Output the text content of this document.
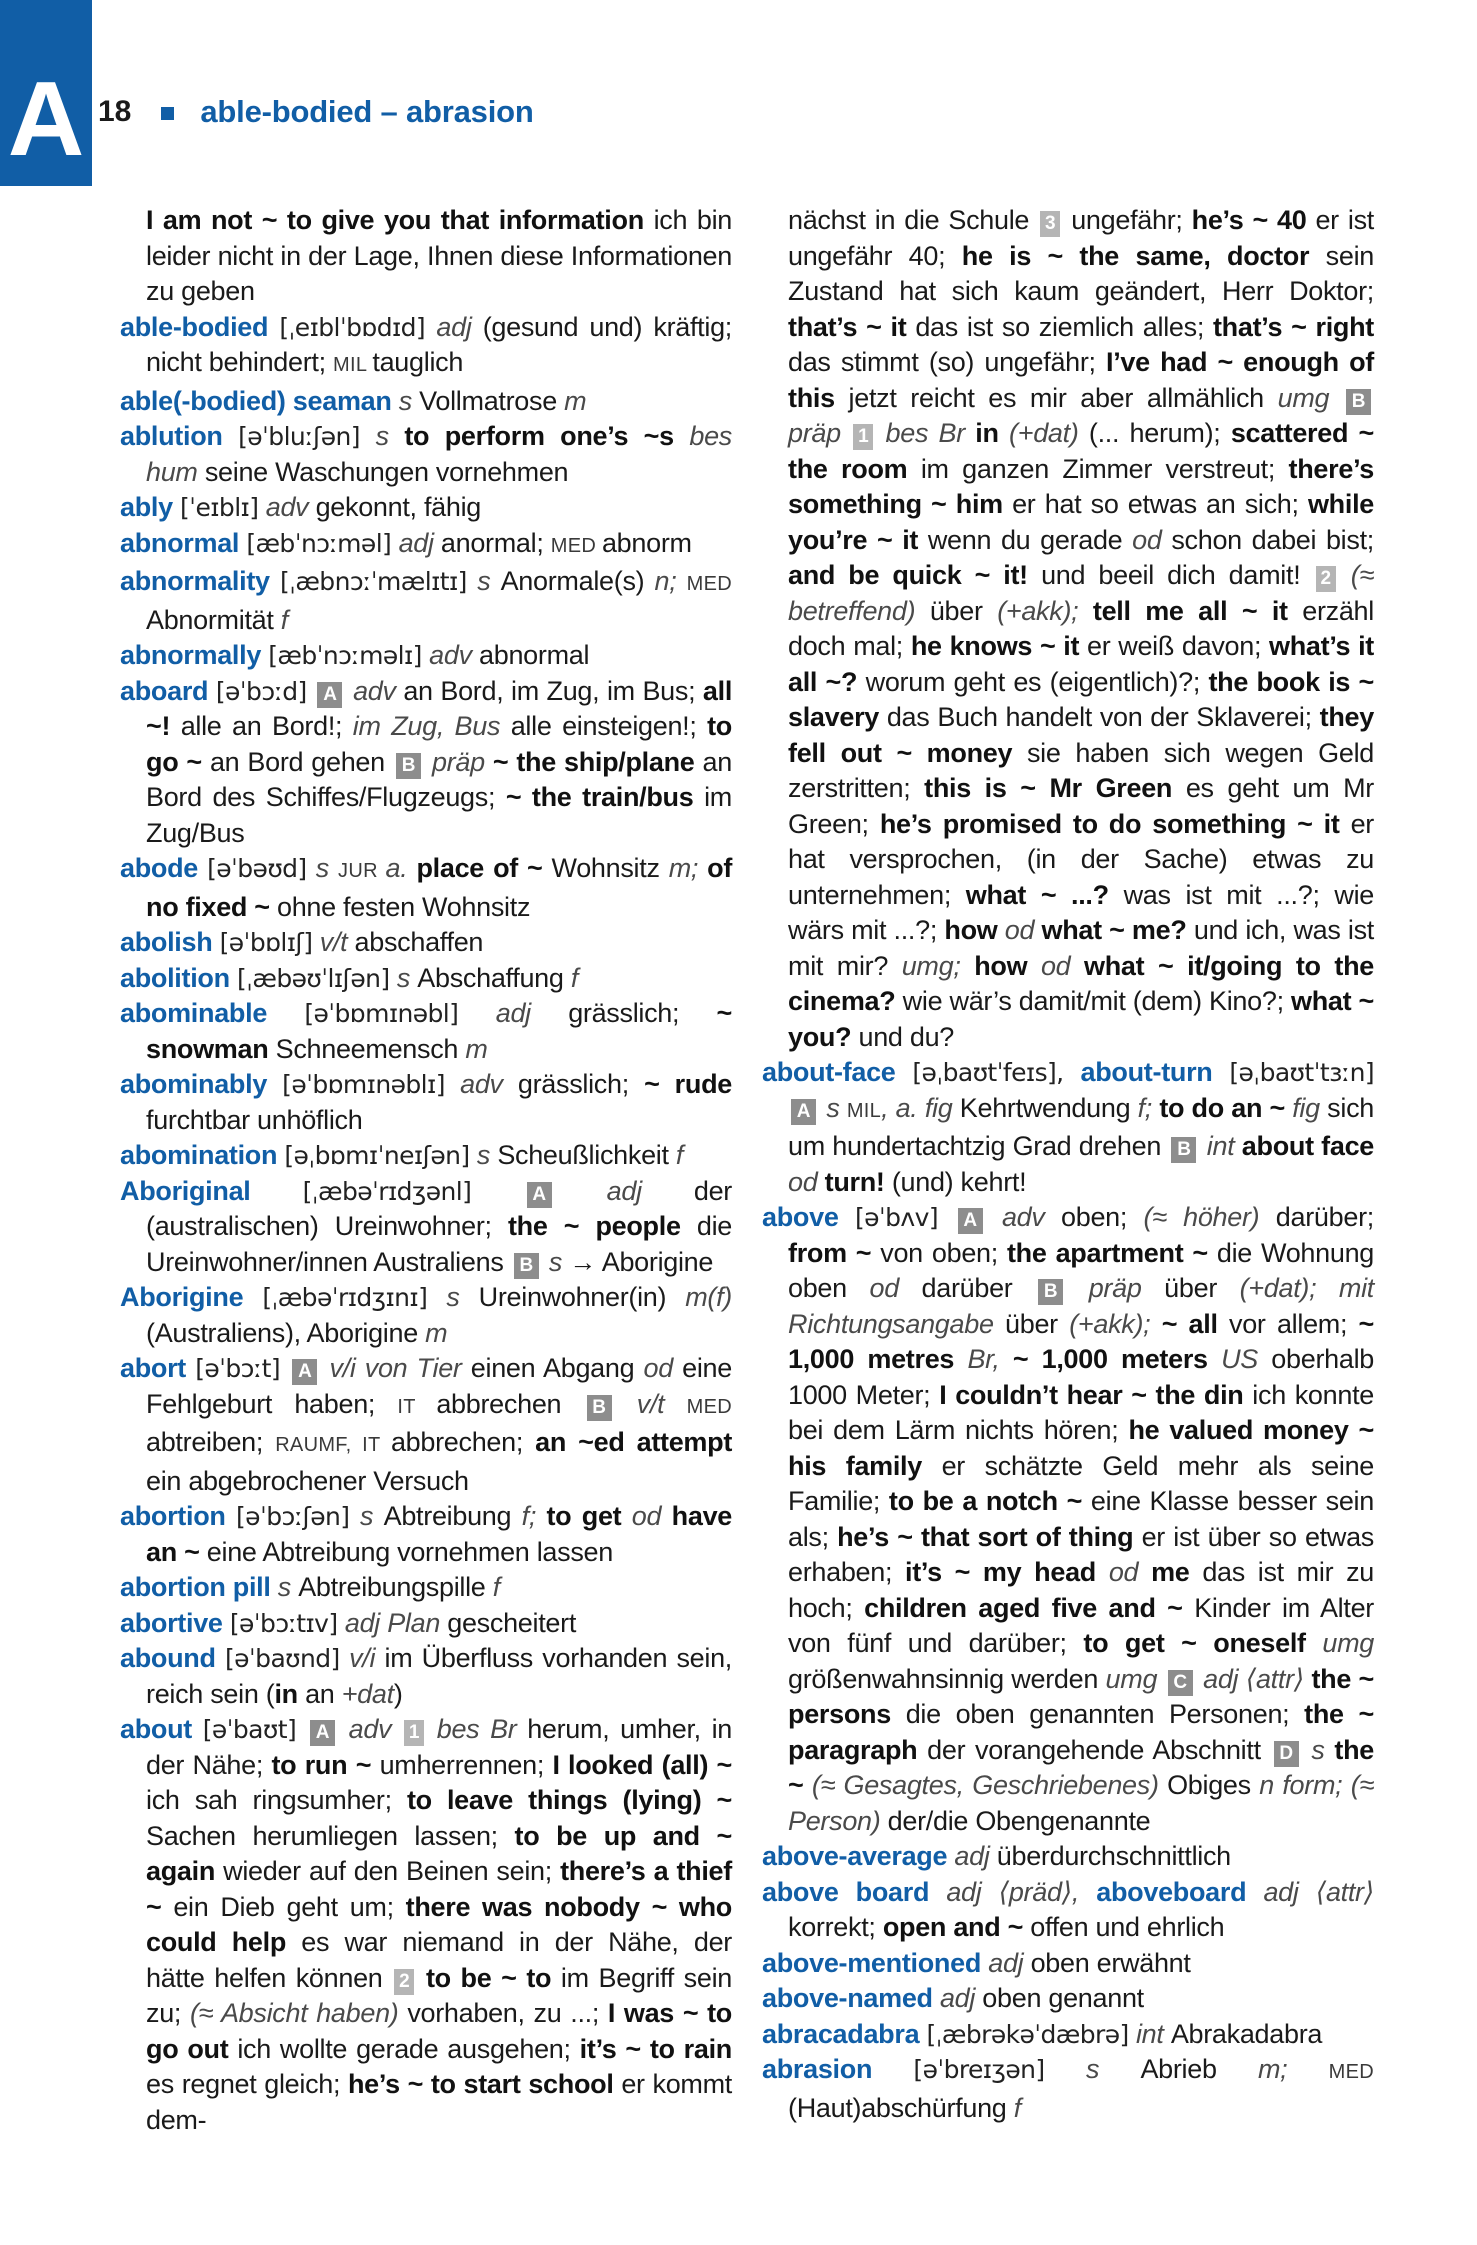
A 18 able-bodied – abrasion

I am not ~ to give you that information ich bin leider nicht in der Lage, Ihnen diese Informationen zu geben

able-bodied [ˌeɪblˈbɒdɪd] adj (gesund und) kräftig; nicht behindert; MIL tauglich

able(-bodied) seaman s Vollmatrose m

ablution [əˈbluːʃən] s to perform one’s ~s bes hum seine Waschungen vornehmen

ably [ˈeɪblɪ] adv gekonnt, fähig

abnormal [æbˈnɔːməl] adj anormal; MED abnorm

abnormality [ˌæbnɔːˈmælɪtɪ] s Anormale(s) n; MED Abnormität f

abnormally [æbˈnɔːməlɪ] adv abnormal

aboard [əˈbɔːd] A adv an Bord, im Zug, im Bus; all ~! alle an Bord!; im Zug, Bus alle einsteigen!; to go ~ an Bord gehen B präp ~ the ship/plane an Bord des Schiffes/Flugzeugs; ~ the train/bus im Zug/Bus

abode [əˈbəʊd] s JUR a. place of ~ Wohnsitz m; of no fixed ~ ohne festen Wohnsitz

abolish [əˈbɒlɪʃ] v/t abschaffen

abolition [ˌæbəʊˈlɪʃən] s Abschaffung f

abominable [əˈbɒmɪnəbl] adj grässlich; ~ snowman Schneemensch m

abominably [əˈbɒmɪnəblɪ] adv grässlich; ~ rude furchtbar unhöflich

abomination [əˌbɒmɪˈneɪʃən] s Scheußlichkeit f

Aboriginal [ˌæbəˈrɪdʒənl] A adj der (australischen) Ureinwohner; the ~ people die Ureinwohner/innen Australiens B s → Aborigine

Aborigine [ˌæbəˈrɪdʒɪnɪ] s Ureinwohner(in) m(f) (Australiens), Aborigine m

abort [əˈbɔːt] A v/i von Tier einen Abgang od eine Fehlgeburt haben; IT abbrechen B v/t MED abtreiben; RAUMF, IT abbrechen; an ~ed attempt ein abgebrochener Versuch

abortion [əˈbɔːʃən] s Abtreibung f; to get od have an ~ eine Abtreibung vornehmen lassen

abortion pill s Abtreibungspille f

abortive [əˈbɔːtɪv] adj Plan gescheitert

abound [əˈbaʊnd] v/i im Überfluss vorhanden sein, reich sein (in an +dat)

about [əˈbaʊt] A adv 1 bes Br herum, umher, in der Nähe; to run ~ umherrennen; I looked (all) ~ ich sah ringsumher; to leave things (lying) ~ Sachen herumliegen lassen; to be up and ~ again wieder auf den Beinen sein; there’s a thief ~ ein Dieb geht um; there was nobody ~ who could help es war niemand in der Nähe, der hätte helfen können 2 to be ~ to im Begriff sein zu; (≈ Absicht haben) vorhaben, zu ...; I was ~ to go out ich wollte gerade ausgehen; it’s ~ to rain es regnet gleich; he’s ~ to start school er kommt dem-

nächst in die Schule 3 ungefähr; he’s ~ 40 er ist ungefähr 40; he is ~ the same, doctor sein Zustand hat sich kaum geändert, Herr Doktor; that’s ~ it das ist so ziemlich alles; that’s ~ right das stimmt (so) ungefähr; I’ve had ~ enough of this jetzt reicht es mir aber allmählich umg B präp 1 bes Br in (+dat) (... herum); scattered ~ the room im ganzen Zimmer verstreut; there’s something ~ him er hat so etwas an sich; while you’re ~ it wenn du gerade od schon dabei bist; and be quick ~ it! und beeil dich damit! 2 (≈ betreffend) über (+akk); tell me all ~ it erzähl doch mal; he knows ~ it er weiß davon; what’s it all ~? worum geht es (eigentlich)?; the book is ~ slavery das Buch handelt von der Sklaverei; they fell out ~ money sie haben sich wegen Geld zerstritten; this is ~ Mr Green es geht um Mr Green; he’s promised to do something ~ it er hat versprochen, (in der Sache) etwas zu unternehmen; what ~ ...? was ist mit ...?; wie wärs mit ...?; how od what ~ me? und ich, was ist mit mir? umg; how od what ~ it/going to the cinema? wie wär’s damit/mit (dem) Kino?; what ~ you? und du?

about-face [əˌbaʊtˈfeɪs], about-turn [əˌbaʊtˈtɜːn] A s MIL, a. fig Kehrtwendung f; to do an ~ fig sich um hundertachtzig Grad drehen B int about face od turn! (und) kehrt!

above [əˈbʌv] A adv oben; (≈ höher) darüber; from ~ von oben; the apartment ~ die Wohnung oben od darüber B präp über (+dat); mit Richtungsangabe über (+akk); ~ all vor allem; ~ 1,000 metres Br, ~ 1,000 meters US oberhalb 1000 Meter; I couldn’t hear ~ the din ich konnte bei dem Lärm nichts hören; he valued money ~ his family er schätzte Geld mehr als seine Familie; to be a notch ~ eine Klasse besser sein als; he’s ~ that sort of thing er ist über so etwas erhaben; it’s ~ my head od me das ist mir zu hoch; children aged five and ~ Kinder im Alter von fünf und darüber; to get ~ oneself umg größenwahnsinnig werden umg C adj ⟨attr⟩ the ~ persons die oben genannten Personen; the ~ paragraph der vorangehende Abschnitt D s the ~ (≈ Gesagtes, Geschriebenes) Obiges n form; (≈ Person) der/die Obengenannte

above-average adj überdurchschnittlich

above board adj ⟨präd⟩, aboveboard adj ⟨attr⟩ korrekt; open and ~ offen und ehrlich

above-mentioned adj oben erwähnt

above-named adj oben genannt

abracadabra [ˌæbrəkəˈdæbrə] int Abrakadabra

abrasion [əˈbreɪʒən] s Abrieb m; MED (Haut)abschürfung f
